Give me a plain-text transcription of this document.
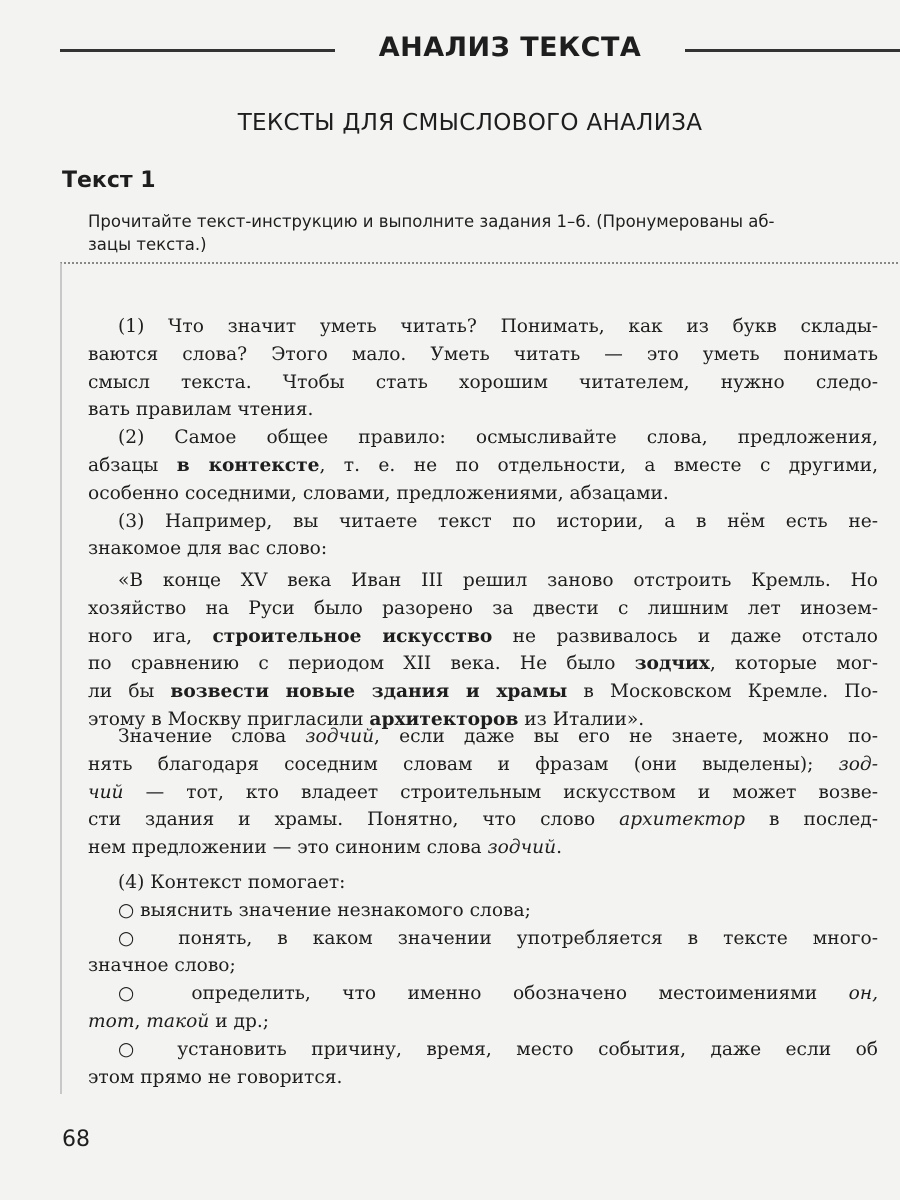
АНАЛИЗ ТЕКСТА
ТЕКСТЫ ДЛЯ СМЫСЛОВОГО АНАЛИЗА
Текст 1
Прочитайте текст-инструкцию и выполните задания 1–6. (Пронумерованы аб-
зацы текста.)
(1) Что значит уметь читать? Понимать, как из букв склады-
ваются слова? Этого мало. Уметь читать — это уметь понимать
смысл текста. Чтобы стать хорошим читателем, нужно следо-
вать правилам чтения.
(2) Самое общее правило: осмысливайте слова, предложения,
абзацы в контексте, т. е. не по отдельности, а вместе с другими,
особенно соседними, словами, предложениями, абзацами.
(3) Например, вы читаете текст по истории, а в нём есть не-
знакомое для вас слово:
«В конце XV века Иван III решил заново отстроить Кремль. Но
хозяйство на Руси было разорено за двести с лишним лет инозем-
ного ига, строительное искусство не развивалось и даже отстало
по сравнению с периодом XII века. Не было зодчих, которые мог-
ли бы возвести новые здания и храмы в Московском Кремле. По-
этому в Москву пригласили архитекторов из Италии».
Значение слова зодчий, если даже вы его не знаете, можно по-
нять благодаря соседним словам и фразам (они выделены); зод-
чий — тот, кто владеет строительным искусством и может возве-
сти здания и храмы. Понятно, что слово архитектор в послед-
нем предложении — это синоним слова зодчий.
(4) Контекст помогает:
○ выяснить значение незнакомого слова;
○ понять, в каком значении употребляется в тексте много-
значное слово;
○ определить, что именно обозначено местоимениями он,
тот, такой и др.;
○ установить причину, время, место события, даже если об
этом прямо не говорится.
68
